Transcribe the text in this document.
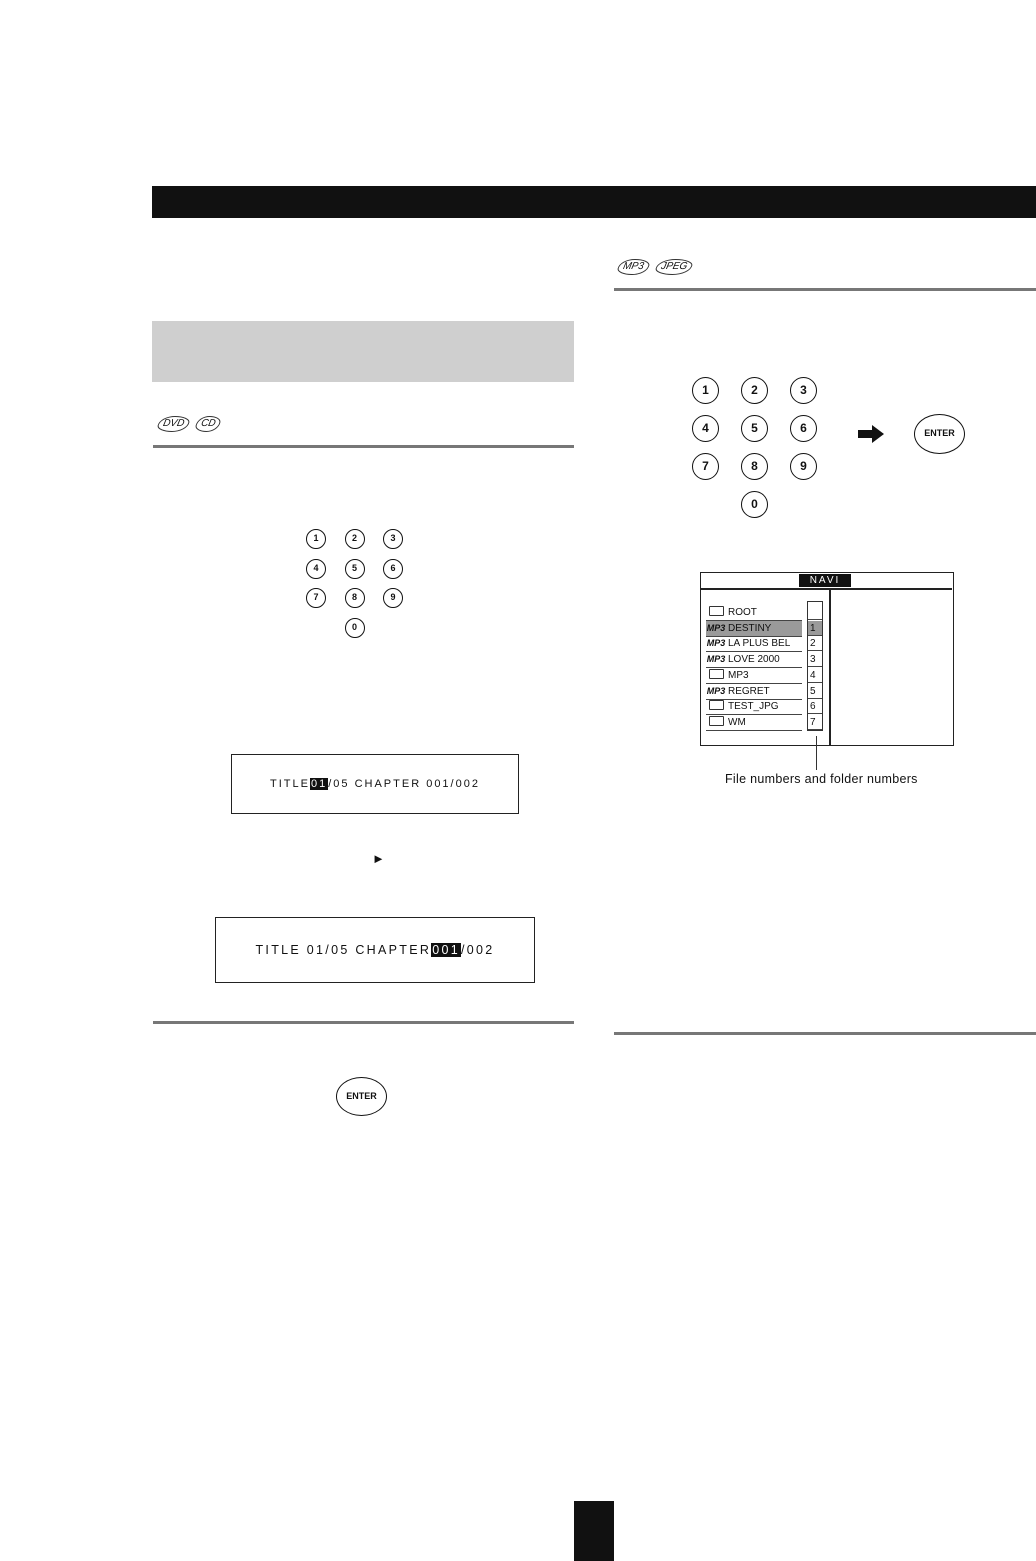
DVD	CD
1	2	3
4	5	6
7	8	9
0
TITLE 01 /05 CHAPTER 001/002
►
TITLE 01/05 CHAPTER 001 /002
ENTER
MP3	JPEG
1	2	3
4	5	6
7	8	9
0
ENTER
NAVI
ROOT
MP3 DESTINY	1
MP3 LA PLUS BEL	2
MP3 LOVE 2000	3
MP3	4
MP3 REGRET	5
TEST_JPG	6
WM	7
File numbers and folder numbers
